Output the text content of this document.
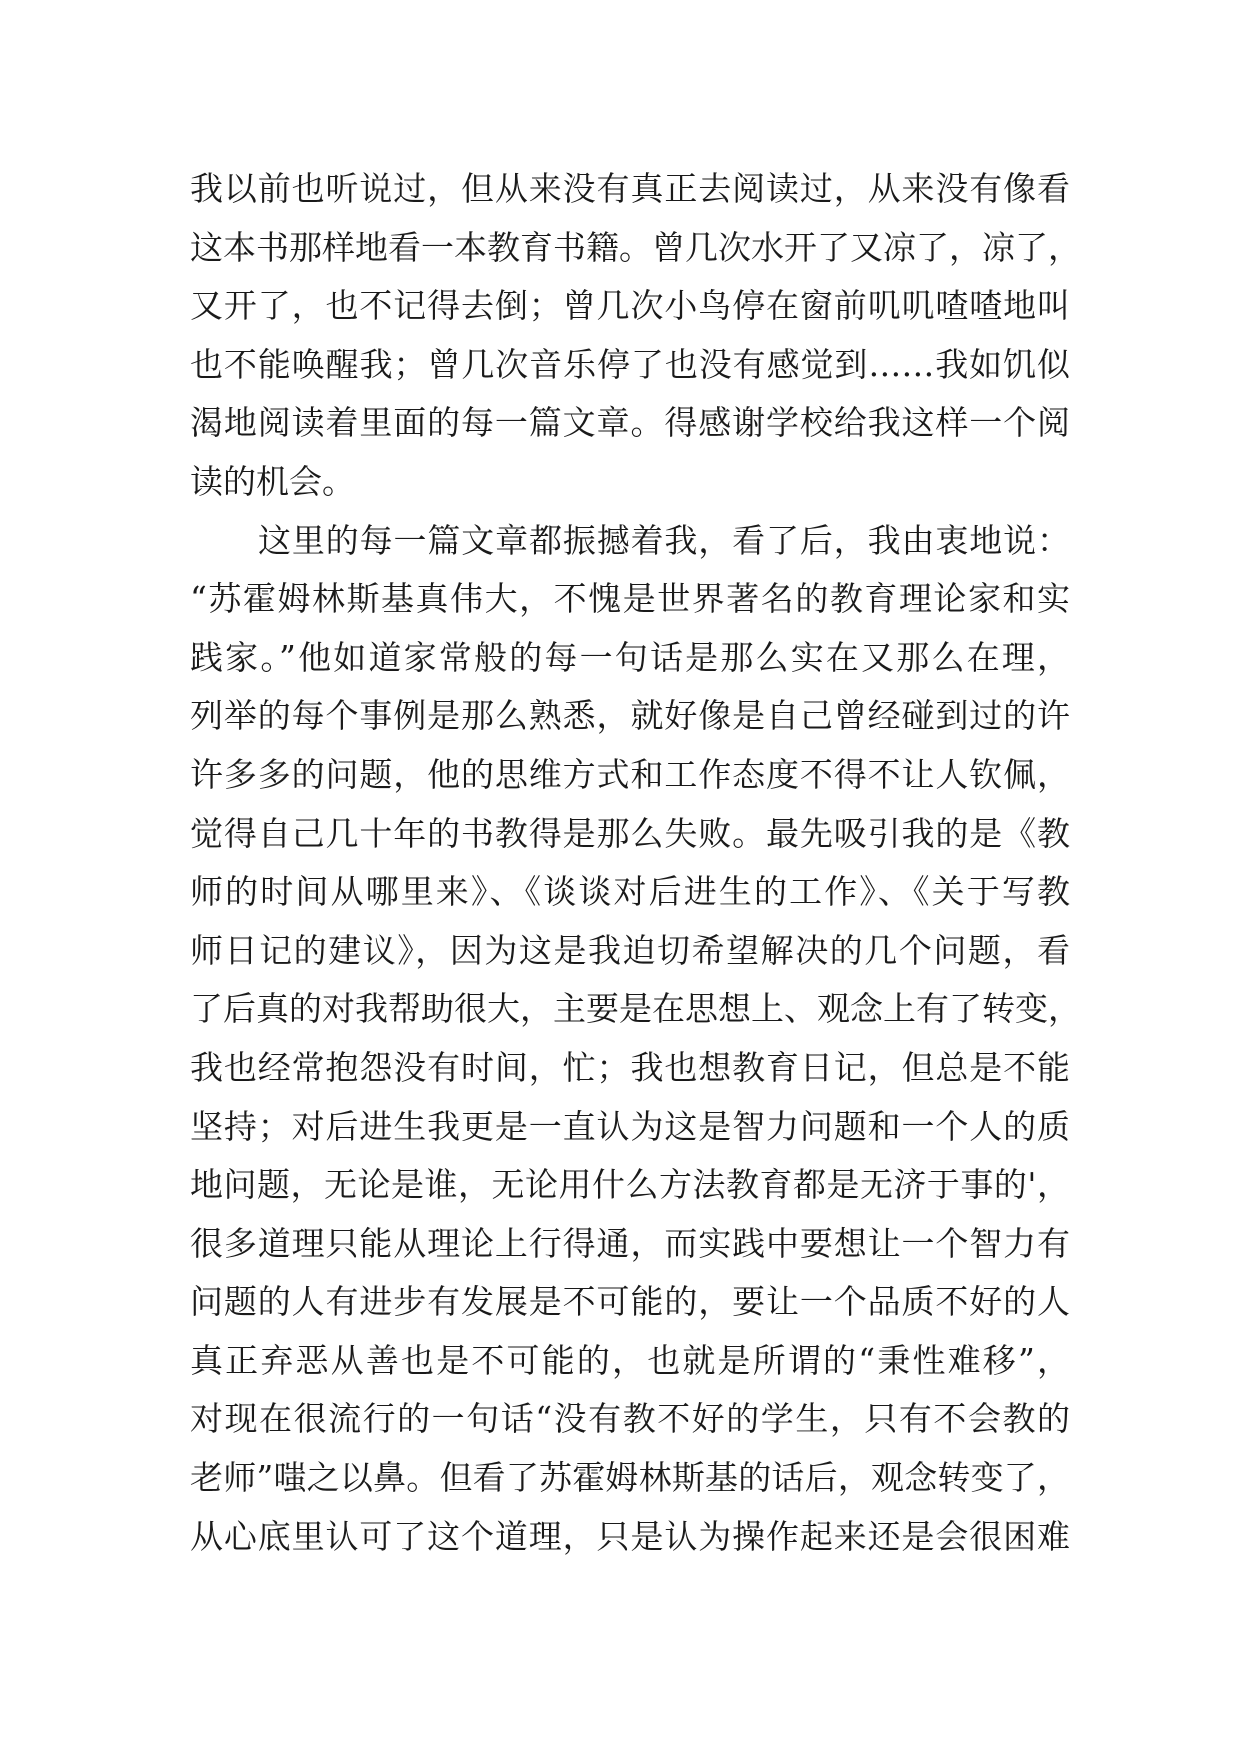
我以前也听说过，但从来没有真正去阅读过，从来没有像看
这本书那样地看一本教育书籍。曾几次水开了又凉了，凉了，
又开了，也不记得去倒；曾几次小鸟停在窗前叽叽喳喳地叫
也不能唤醒我；曾几次音乐停了也没有感觉到……我如饥似
渴地阅读着里面的每一篇文章。得感谢学校给我这样一个阅
读的机会。
这里的每一篇文章都振撼着我，看了后，我由衷地说：
“苏霍姆林斯基真伟大，不愧是世界著名的教育理论家和实
践家。”他如道家常般的每一句话是那么实在又那么在理，
列举的每个事例是那么熟悉，就好像是自己曾经碰到过的许
许多多的问题，他的思维方式和工作态度不得不让人钦佩，
觉得自己几十年的书教得是那么失败。最先吸引我的是《教
师的时间从哪里来》、《谈谈对后进生的工作》、《关于写教
师日记的建议》，因为这是我迫切希望解决的几个问题，看
了后真的对我帮助很大，主要是在思想上、观念上有了转变，
我也经常抱怨没有时间，忙；我也想教育日记，但总是不能
坚持；对后进生我更是一直认为这是智力问题和一个人的质
地问题，无论是谁，无论用什么方法教育都是无济于事的'，
很多道理只能从理论上行得通，而实践中要想让一个智力有
问题的人有进步有发展是不可能的，要让一个品质不好的人
真正弃恶从善也是不可能的，也就是所谓的“秉性难移”，
对现在很流行的一句话“没有教不好的学生，只有不会教的
老师”嗤之以鼻。但看了苏霍姆林斯基的话后，观念转变了，
从心底里认可了这个道理，只是认为操作起来还是会很困难
